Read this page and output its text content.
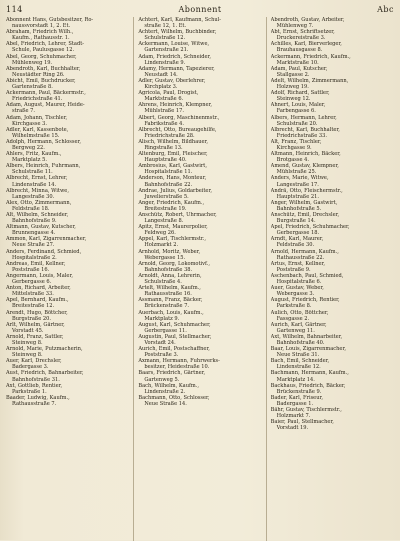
114	Abonnent	Abc
Abonnent Hans, Gutsbesitzer, Ro-
naussvorstadt 1, 2. Et.
Abraham, Friedrich Wilh.,
Kaufm., Rathausstr. 1.
Abel, Friedrich, Lehrer, Stadt-
Schule, Paulusgasse 12.
Abel, Georg, Schuhmacher,
Mühlenweg 19.
Abendroth, Karl, Buchhalter,
Neustädter Ring 26.
Abicht, Emil, Buchdrucker,
Gartenstraße 8.
Ackermann, Paul, Bäckermstr.,
Friedrichstraße 41.
Adam, August, Maurer, Heide-
straße 7.
Adam, Johann, Tischler,
Kirchgasse 3.
Adler, Karl, Kassenbote,
Wilhelmstraße 15.
Adolph, Hermann, Schlosser,
Bergweg 22.
Ahlers, Fritz, Kaufm.,
Marktplatz 5.
Albers, Heinrich, Fuhrmann,
Schulstraße 11.
Albrecht, Ernst, Lehrer,
Lindenstraße 14.
Albrecht, Minna, Witwe,
Langestraße 30.
Alex, Otto, Zimmermann,
Feldstraße 18.
Alt, Wilhelm, Schneider,
Bahnhofstraße 9.
Altmann, Gustav, Kutscher,
Brunnengasse 4.
Ammon, Karl, Zigarrenmacher,
Neue Straße 27.
Anders, Ferdinand, Schmied,
Hospitalstraße 2.
Andreas, Emil, Kellner,
Poststraße 16.
Angermann, Louis, Maler,
Gerbergasse 6.
Anton, Richard, Arbeiter,
Mittelstraße 33.
Apel, Bernhard, Kaufm.,
Breitestraße 12.
Arendt, Hugo, Böttcher,
Burgstraße 20.
Arlt, Wilhelm, Gärtner,
Vorstadt 45.
Arnold, Franz, Sattler,
Steinweg 8.
Arnold, Marie, Putzmacherin,
Steinweg 8.
Auer, Karl, Drechsler,
Badergasse 3.
Aust, Friedrich, Bahnarbeiter,
Bahnhofstraße 31.
Axt, Gottlieb, Rentier,
Parkstraße 1.
Baader, Ludwig, Kaufm.,
Rathausstraße 7.
Achtert, Karl, Kaufmann, Schul-
straße 12, 1. Et.
Achtert, Wilhelm, Buchbinder,
Schulstraße 12.
Ackermann, Louise, Witwe,
Gartenstraße 21.
Adam, Friedrich, Schneider,
Lindenstraße 9.
Adamy, Hermann, Tapezierer,
Neustadt 14.
Adler, Gustav, Oberlehrer,
Kirchplatz 3.
Agricola, Paul, Drogist,
Marktstraße 6.
Ahrens, Heinrich, Klempner,
Mühlstraße 17.
Albert, Georg, Maschinenmstr.,
Fabrikstraße 4.
Albrecht, Otto, Bureaugehilfe,
Friedrichstraße 28.
Alisch, Wilhelm, Bildhauer,
Ringstraße 13.
Altenburg, Emil, Fleischer,
Hauptstraße 40.
Ambrosius, Karl, Gastwirt,
Hospitalstraße 11.
Anderson, Hans, Monteur,
Bahnhofstraße 22.
Andrae, Julius, Goldarbeiter,
Juwelierstraße 5.
Anger, Friedrich, Kaufm.,
Breitestraße 19.
Anschütz, Robert, Uhrmacher,
Langestraße 8.
Apitz, Ernst, Maurerpolier,
Feldweg 26.
Appel, Karl, Tischlermstr.,
Holzmarkt 2.
Arnhold, Moritz, Weber,
Webergasse 15.
Arnold, Georg, Lokomotivf.,
Bahnhofstraße 38.
Arnoldt, Anna, Lehrerin,
Schulstraße 4.
Artelt, Wilhelm, Kaufm.,
Rathausstraße 16.
Assmann, Franz, Bäcker,
Brückenstraße 7.
Auerbach, Louis, Kaufm.,
Marktplatz 9.
August, Karl, Schuhmacher,
Gerbergasse 11.
Augustin, Paul, Stellmacher,
Vorstadt 24.
Aurich, Emil, Postschaffner,
Poststraße 3.
Axmann, Hermann, Fuhrwerks-
besitzer, Heidestraße 10.
Baars, Friedrich, Gärtner,
Gartenweg 5.
Bach, Wilhelm, Kaufm.,
Lindenstraße 2.
Bachmann, Otto, Schlosser,
Neue Straße 14.
Abendroth, Gustav, Arbeiter,
Mühlenweg 7.
Abt, Ernst, Schriftsetzer,
Druckereistraße 3.
Achilles, Karl, Bierverleger,
Brauhausgasse 8.
Ackermann, Friedrich, Kaufm.,
Marktstraße 10.
Adam, Paul, Kutscher,
Stallgasse 2.
Adelt, Wilhelm, Zimmermann,
Holzweg 19.
Adolf, Richard, Sattler,
Steinweg 12.
Ahnert, Louis, Maler,
Farbengasse 6.
Albers, Hermann, Lehrer,
Schulstraße 20.
Albrecht, Karl, Buchhalter,
Friedrichstraße 33.
Alt, Franz, Tischler,
Kirchgasse 9.
Altmann, Heinrich, Bäcker,
Brotgasse 4.
Amend, Gustav, Klempner,
Mühlstraße 25.
Anders, Marie, Witwe,
Langestraße 17.
Andrä, Otto, Fleischermstr.,
Hauptstraße 21.
Anger, Wilhelm, Gastwirt,
Bahnhofstraße 5.
Anschütz, Emil, Drechsler,
Burgstraße 14.
Apel, Friedrich, Schuhmacher,
Gerbergasse 18.
Arndt, Karl, Maurer,
Feldstraße 30.
Arnold, Hermann, Kaufm.,
Rathausstraße 22.
Artus, Ernst, Kellner,
Poststraße 9.
Aschenbach, Paul, Schmied,
Hospitalstraße 6.
Auer, Gustav, Weber,
Webergasse 3.
August, Friedrich, Rentier,
Parkstraße 8.
Aulich, Otto, Böttcher,
Fassgasse 2.
Aurich, Karl, Gärtner,
Gartenweg 11.
Axt, Wilhelm, Bahnarbeiter,
Bahnhofstraße 40.
Baar, Louis, Zigarrenmacher,
Neue Straße 31.
Bach, Emil, Schneider,
Lindenstraße 12.
Bachmann, Hermann, Kaufm.,
Marktplatz 14.
Backhaus, Friedrich, Bäcker,
Brückenstraße 9.
Bader, Karl, Friseur,
Badergasse 1.
Bähr, Gustav, Tischlermstr.,
Holzmarkt 7.
Baier, Paul, Stellmacher,
Vorstadt 19.
